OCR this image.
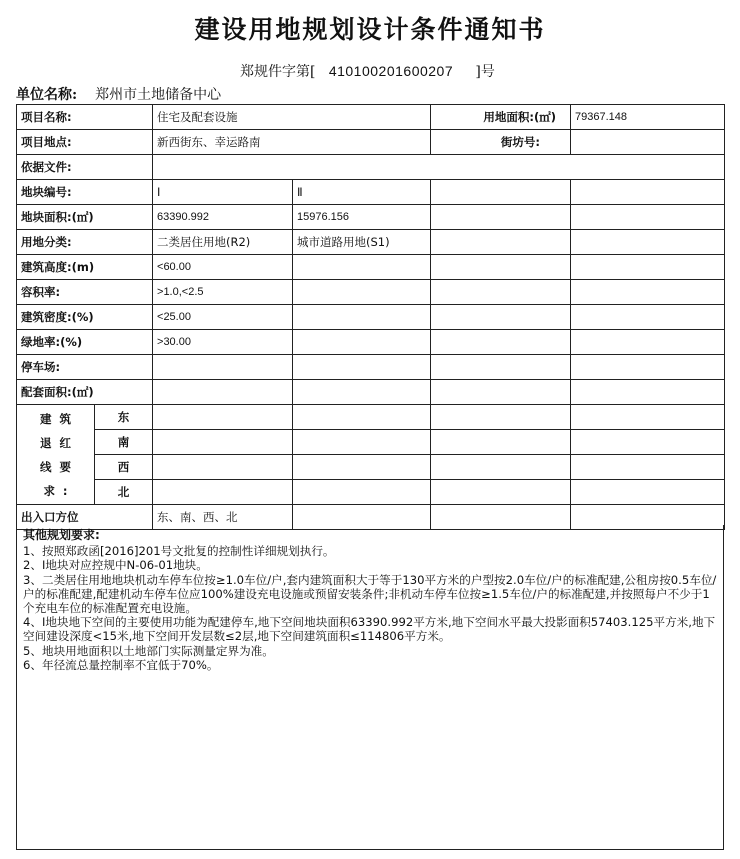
建设用地规划设计条件通知书
郑规件字第[ 410100201600207 ]号
单位名称: 郑州市土地储备中心
项目名称:		住宅及配套设施		用地面积:(㎡)	79367.148
项目地点:		新西街东、幸运路南		街坊号:	
依据文件:					
地块编号:		Ⅰ	Ⅱ		
地块面积:(㎡)		63390.992	15976.156		
用地分类:		二类居住用地(R2)	城市道路用地(S1)		
建筑高度:(m)		<60.00			
容积率:		>1.0,<2.5			
建筑密度:(%)		<25.00			
绿地率:(%)		>30.00			
停车场:					
配套面积:(㎡)					

建筑
退红
线要
求:	东				
	南				
	西				
	北				
出入口方位		东、南、西、北			
其他规划要求:

1、按照郑政函[2016]201号文批复的控制性详细规划执行。

2、Ⅰ地块对应控规中N-06-01地块。

3、二类居住用地地块机动车停车位按≥1.0车位/户,套内建筑面积大于等于130平方米的户型按2.0车位/户的标准配建,公租房按0.5车位/户的标准配建,配建机动车停车位应100%建设充电设施或预留安装条件;非机动车停车位按≥1.5车位/户的标准配建,并按照每户不少于1个充电车位的标准配置充电设施。

4、Ⅰ地块地下空间的主要使用功能为配建停车,地下空间地块面积63390.992平方米,地下空间水平最大投影面积57403.125平方米,地下空间建设深度<15米,地下空间开发层数≤2层,地下空间建筑面积≤114806平方米。

5、地块用地面积以土地部门实际测量定界为准。

6、年径流总量控制率不宜低于70%。
